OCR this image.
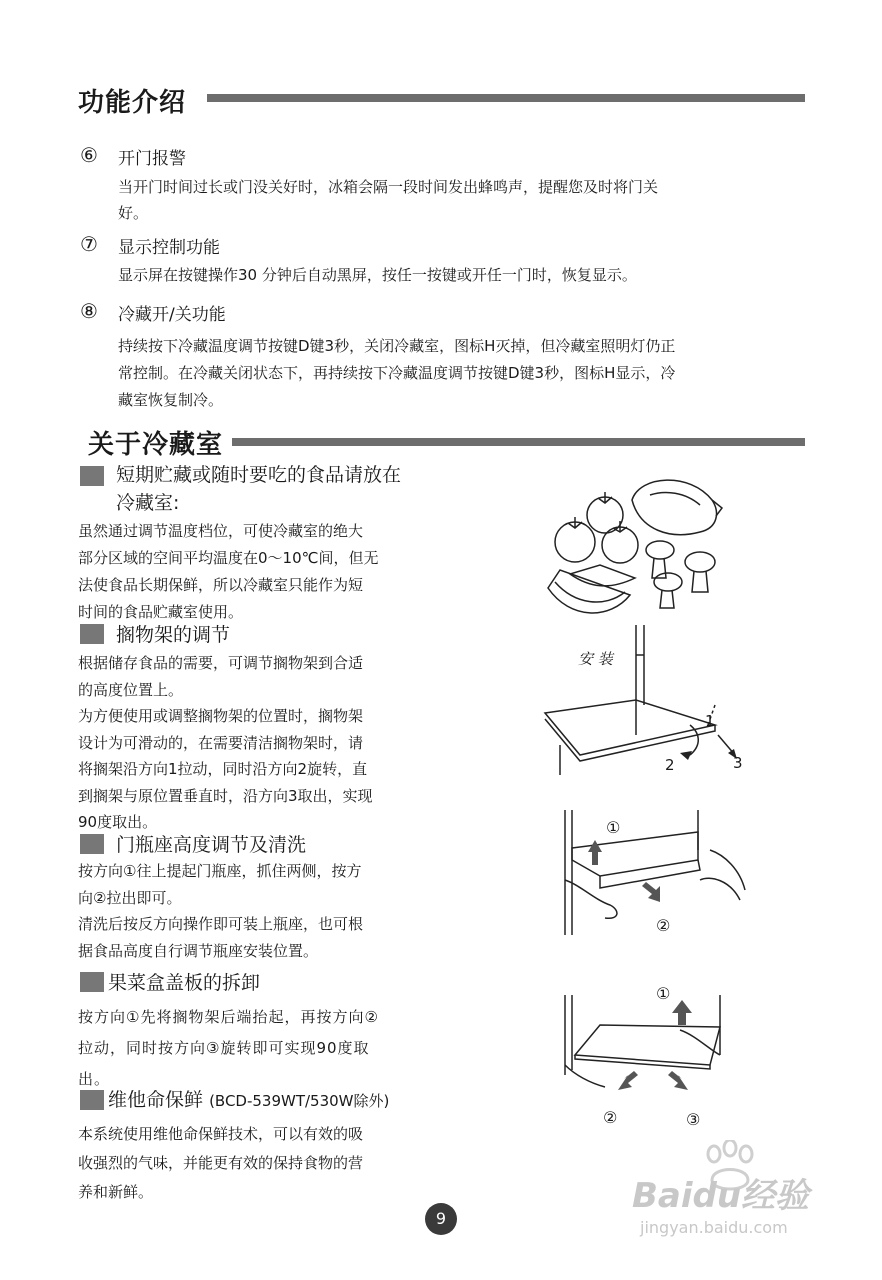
功能介绍
⑥ 开门报警
当开门时间过长或门没关好时，冰箱会隔一段时间发出蜂鸣声，提醒您及时将门关
好。
⑦ 显示控制功能
显示屏在按键操作30 分钟后自动黑屏，按任一按键或开任一门时，恢复显示。
⑧ 冷藏开/关功能
持续按下冷藏温度调节按键D键3秒，关闭冷藏室，图标H灭掉，但冷藏室照明灯仍正
常控制。在冷藏关闭状态下，再持续按下冷藏温度调节按键D键3秒，图标H显示，冷
藏室恢复制冷。
关于冷藏室
短期贮藏或随时要吃的食品请放在
冷藏室:
虽然通过调节温度档位，可使冷藏室的绝大
部分区域的空间平均温度在0～10℃间，但无
法使食品长期保鲜，所以冷藏室只能作为短
时间的食品贮藏室使用。
搁物架的调节
根据储存食品的需要，可调节搁物架到合适
的高度位置上。
为方便使用或调整搁物架的位置时，搁物架
设计为可滑动的，在需要清洁搁物架时，请
将搁架沿方向1拉动，同时沿方向2旋转，直
到搁架与原位置垂直时，沿方向3取出，实现
90度取出。
门瓶座高度调节及清洗
按方向①往上提起门瓶座，抓住两侧，按方
向②拉出即可。
清洗后按反方向操作即可装上瓶座，也可根
据食品高度自行调节瓶座安装位置。
果菜盒盖板的拆卸
按方向①先将搁物架后端抬起，再按方向②
拉动，同时按方向③旋转即可实现90度取
出。
维他命保鲜 (BCD-539WT/530W除外)
本系统使用维他命保鲜技术，可以有效的吸
收强烈的气味，并能更有效的保持食物的营
养和新鲜。
安 装
1
2	3
①
②
①
②	③
9
Baidu经验
jingyan.baidu.com
